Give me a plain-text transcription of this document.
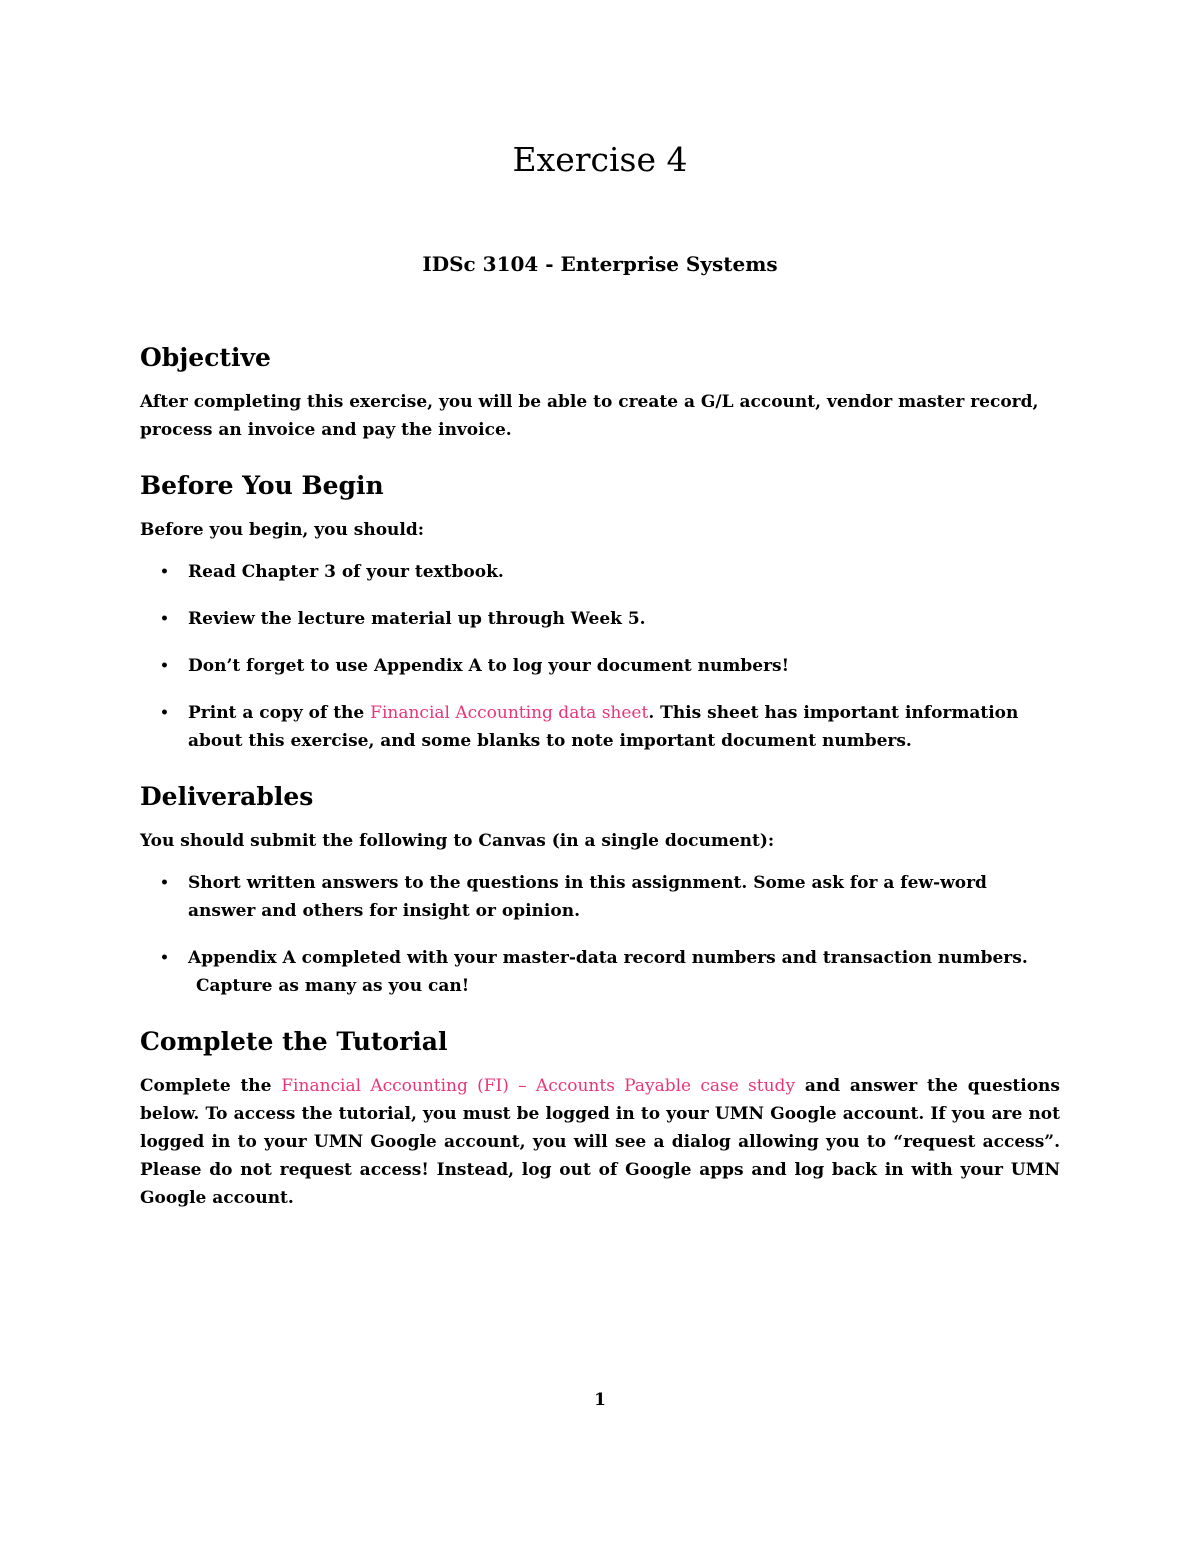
Exercise 4
IDSc 3104 - Enterprise Systems
Objective

After completing this exercise, you will be able to create a G/L account, vendor master record, process an invoice and pay the invoice.

Before You Begin

Before you begin, you should:

• Read Chapter 3 of your textbook.
• Review the lecture material up through Week 5.
• Don’t forget to use Appendix A to log your document numbers!
• Print a copy of the Financial Accounting data sheet. This sheet has important information about this exercise, and some blanks to note important document numbers.
Deliverables

You should submit the following to Canvas (in a single document):

• Short written answers to the questions in this assignment. Some ask for a few-word answer and others for insight or opinion.
• Appendix A completed with your master-data record numbers and transaction numbers.
Capture as many as you can!
Complete the Tutorial

Complete the Financial Accounting (FI) – Accounts Payable case study and answer the questions below. To access the tutorial, you must be logged in to your UMN Google account. If you are not logged in to your UMN Google account, you will see a dialog allowing you to “request access”. Please do not request access! Instead, log out of Google apps and log back in with your UMN Google account.

1
